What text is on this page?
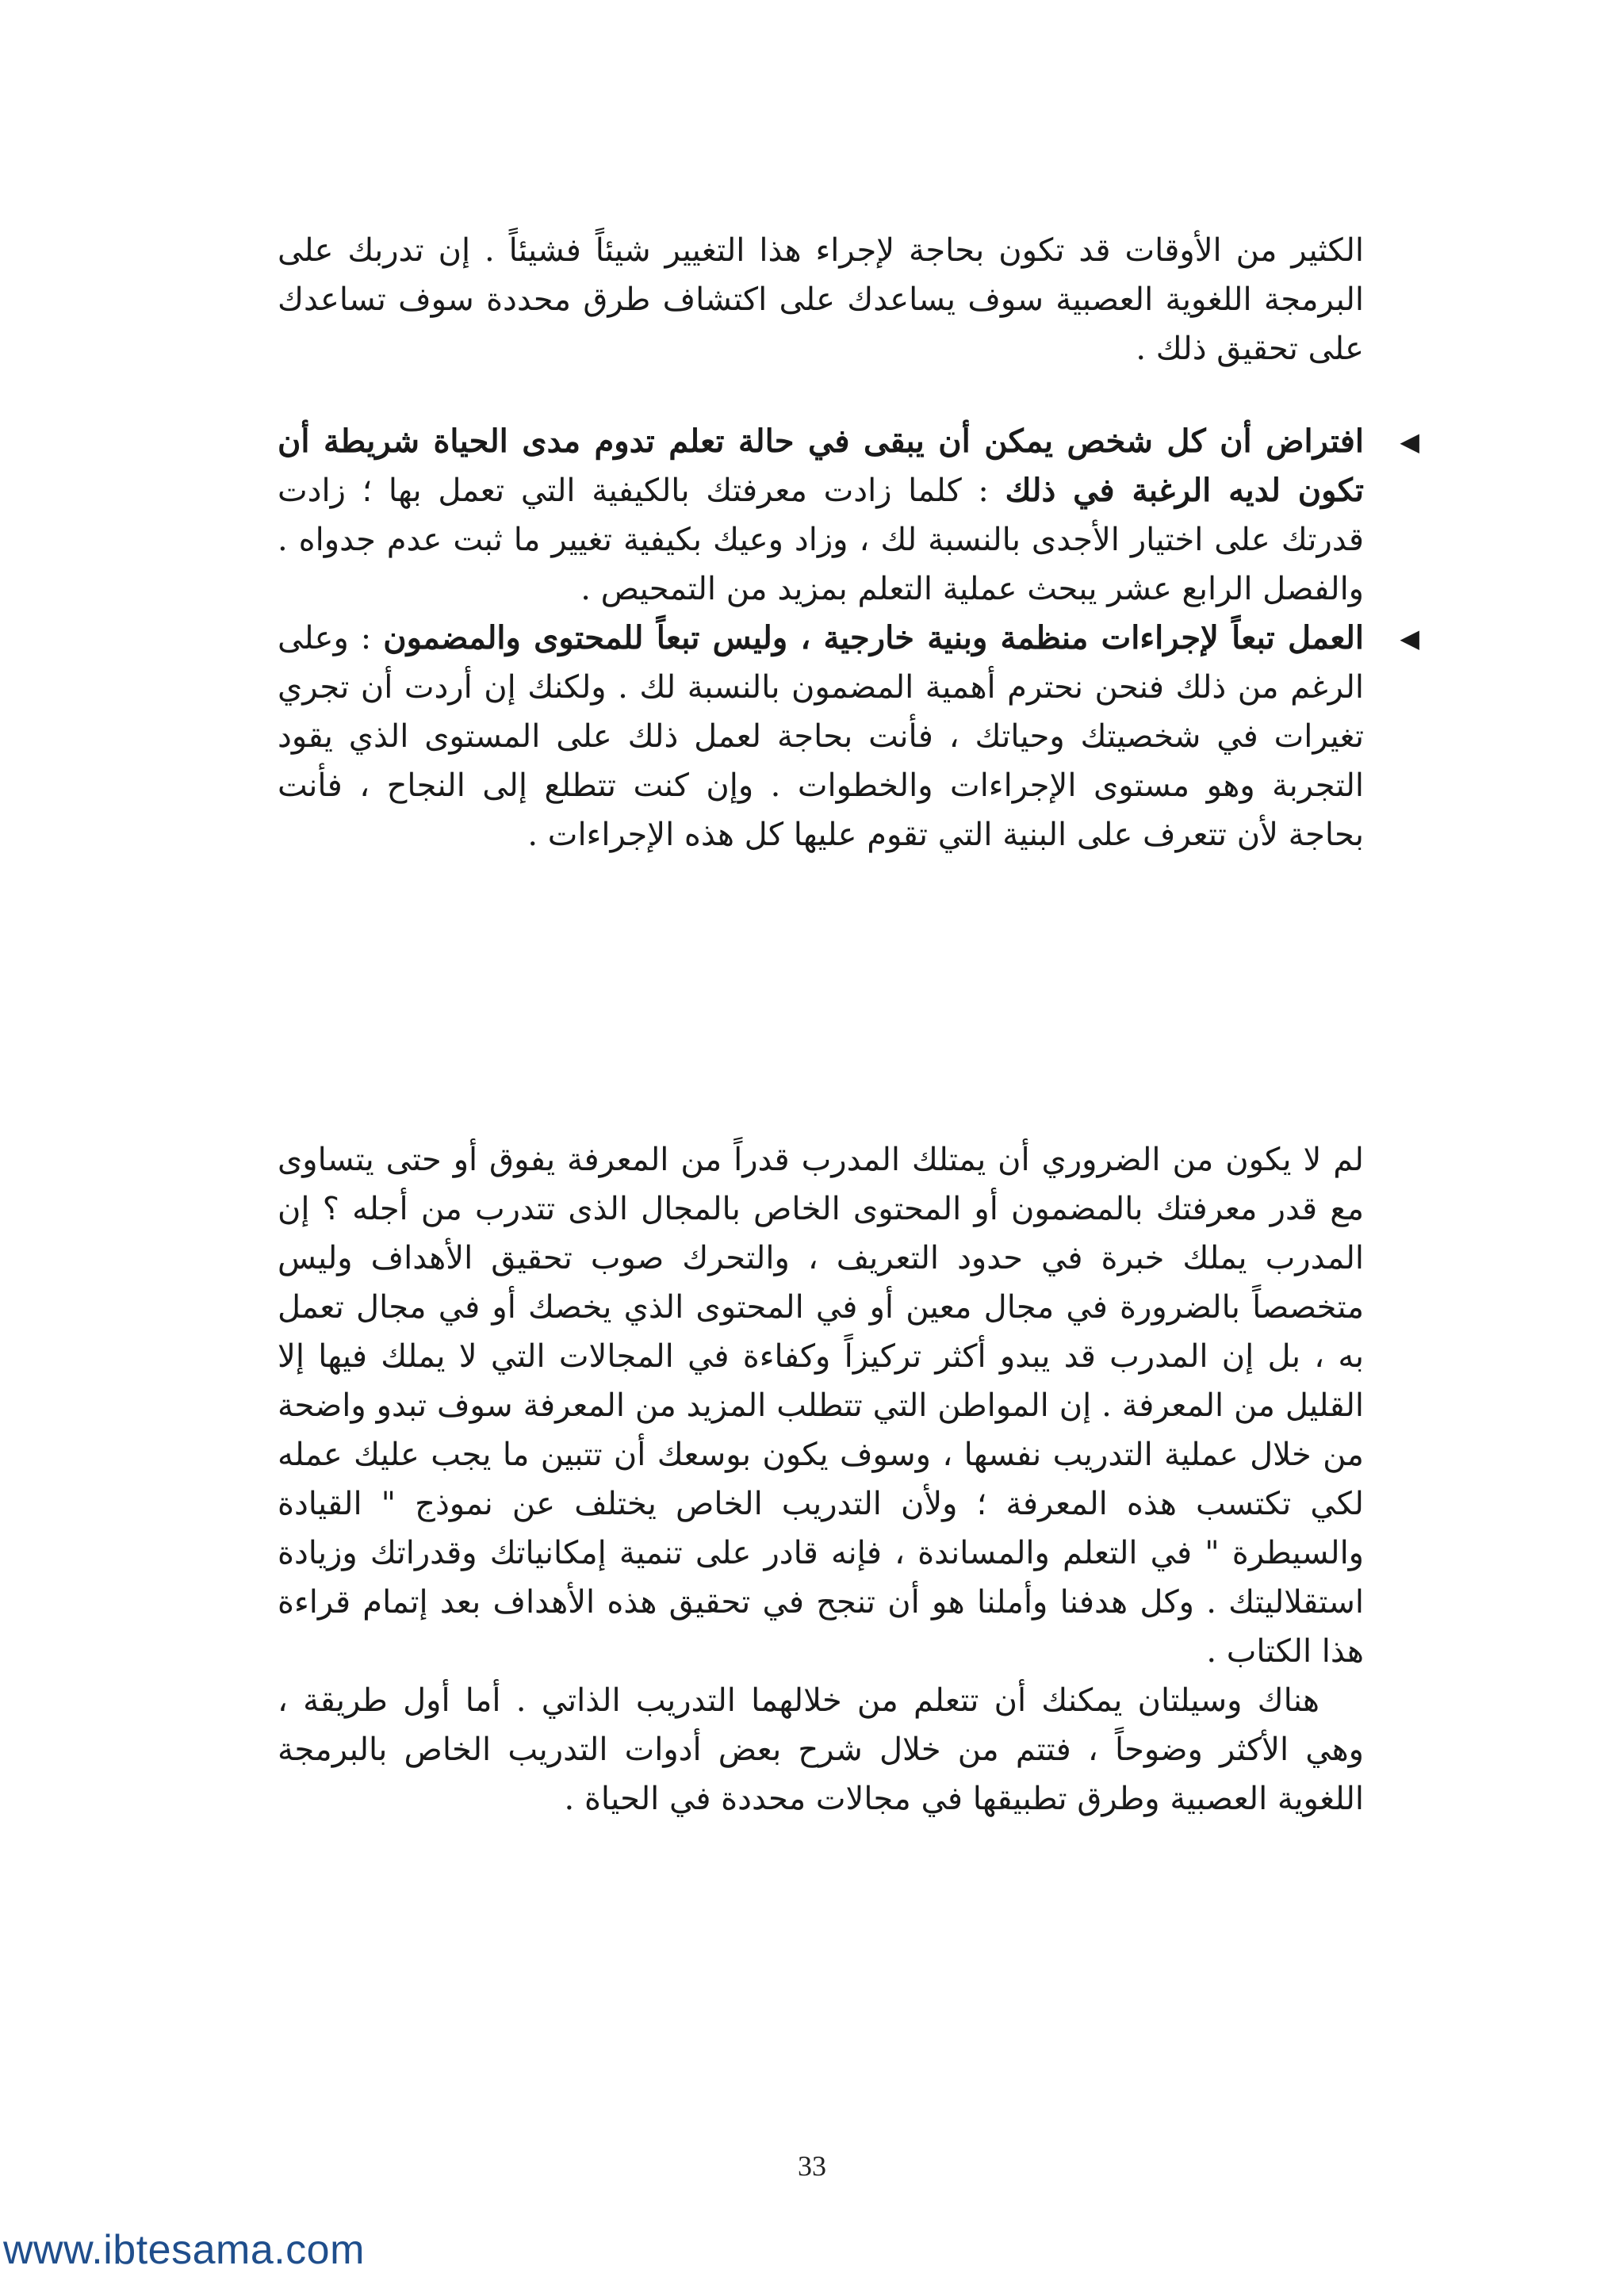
الكثير من الأوقات قد تكون بحاجة لإجراء هذا التغيير شيئاً فشيئاً . إن تدربك على البرمجة اللغوية العصبية سوف يساعدك على اكتشاف طرق محددة سوف تساعدك على تحقيق ذلك .

◀
افتراض أن كل شخص يمكن أن يبقى في حالة تعلم تدوم مدى الحياة شريطة أن تكون لديه الرغبة في ذلك : كلما زادت معرفتك بالكيفية التي تعمل بها ؛ زادت قدرتك على اختيار الأجدى بالنسبة لك ، وزاد وعيك بكيفية تغيير ما ثبت عدم جدواه . والفصل الرابع عشر يبحث عملية التعلم بمزيد من التمحيص .

◀
العمل تبعاً لإجراءات منظمة وبنية خارجية ، وليس تبعاً للمحتوى والمضمون : وعلى الرغم من ذلك فنحن نحترم أهمية المضمون بالنسبة لك . ولكنك إن أردت أن تجري تغيرات في شخصيتك وحياتك ، فأنت بحاجة لعمل ذلك على المستوى الذي يقود التجربة وهو مستوى الإجراءات والخطوات . وإن كنت تتطلع إلى النجاح ، فأنت بحاجة لأن تتعرف على البنية التي تقوم عليها كل هذه الإجراءات .

لم لا يكون من الضروري أن يمتلك المدرب قدراً من المعرفة يفوق أو حتى يتساوى مع قدر معرفتك بالمضمون أو المحتوى الخاص بالمجال الذى تتدرب من أجله ؟ إن المدرب يملك خبرة في حدود التعريف ، والتحرك صوب تحقيق الأهداف وليس متخصصاً بالضرورة في مجال معين أو في المحتوى الذي يخصك أو في مجال تعمل به ، بل إن المدرب قد يبدو أكثر تركيزاً وكفاءة في المجالات التي لا يملك فيها إلا القليل من المعرفة . إن المواطن التي تتطلب المزيد من المعرفة سوف تبدو واضحة من خلال عملية التدريب نفسها ، وسوف يكون بوسعك أن تتبين ما يجب عليك عمله لكي تكتسب هذه المعرفة ؛ ولأن التدريب الخاص يختلف عن نموذج " القيادة والسيطرة " في التعلم والمساندة ، فإنه قادر على تنمية إمكانياتك وقدراتك وزيادة استقلاليتك . وكل هدفنا وأملنا هو أن تنجح في تحقيق هذه الأهداف بعد إتمام قراءة هذا الكتاب .

هناك وسيلتان يمكنك أن تتعلم من خلالهما التدريب الذاتي . أما أول طريقة ، وهي الأكثر وضوحاً ، فتتم من خلال شرح بعض أدوات التدريب الخاص بالبرمجة اللغوية العصبية وطرق تطبيقها في مجالات محددة في الحياة .

33
www.ibtesama.com
